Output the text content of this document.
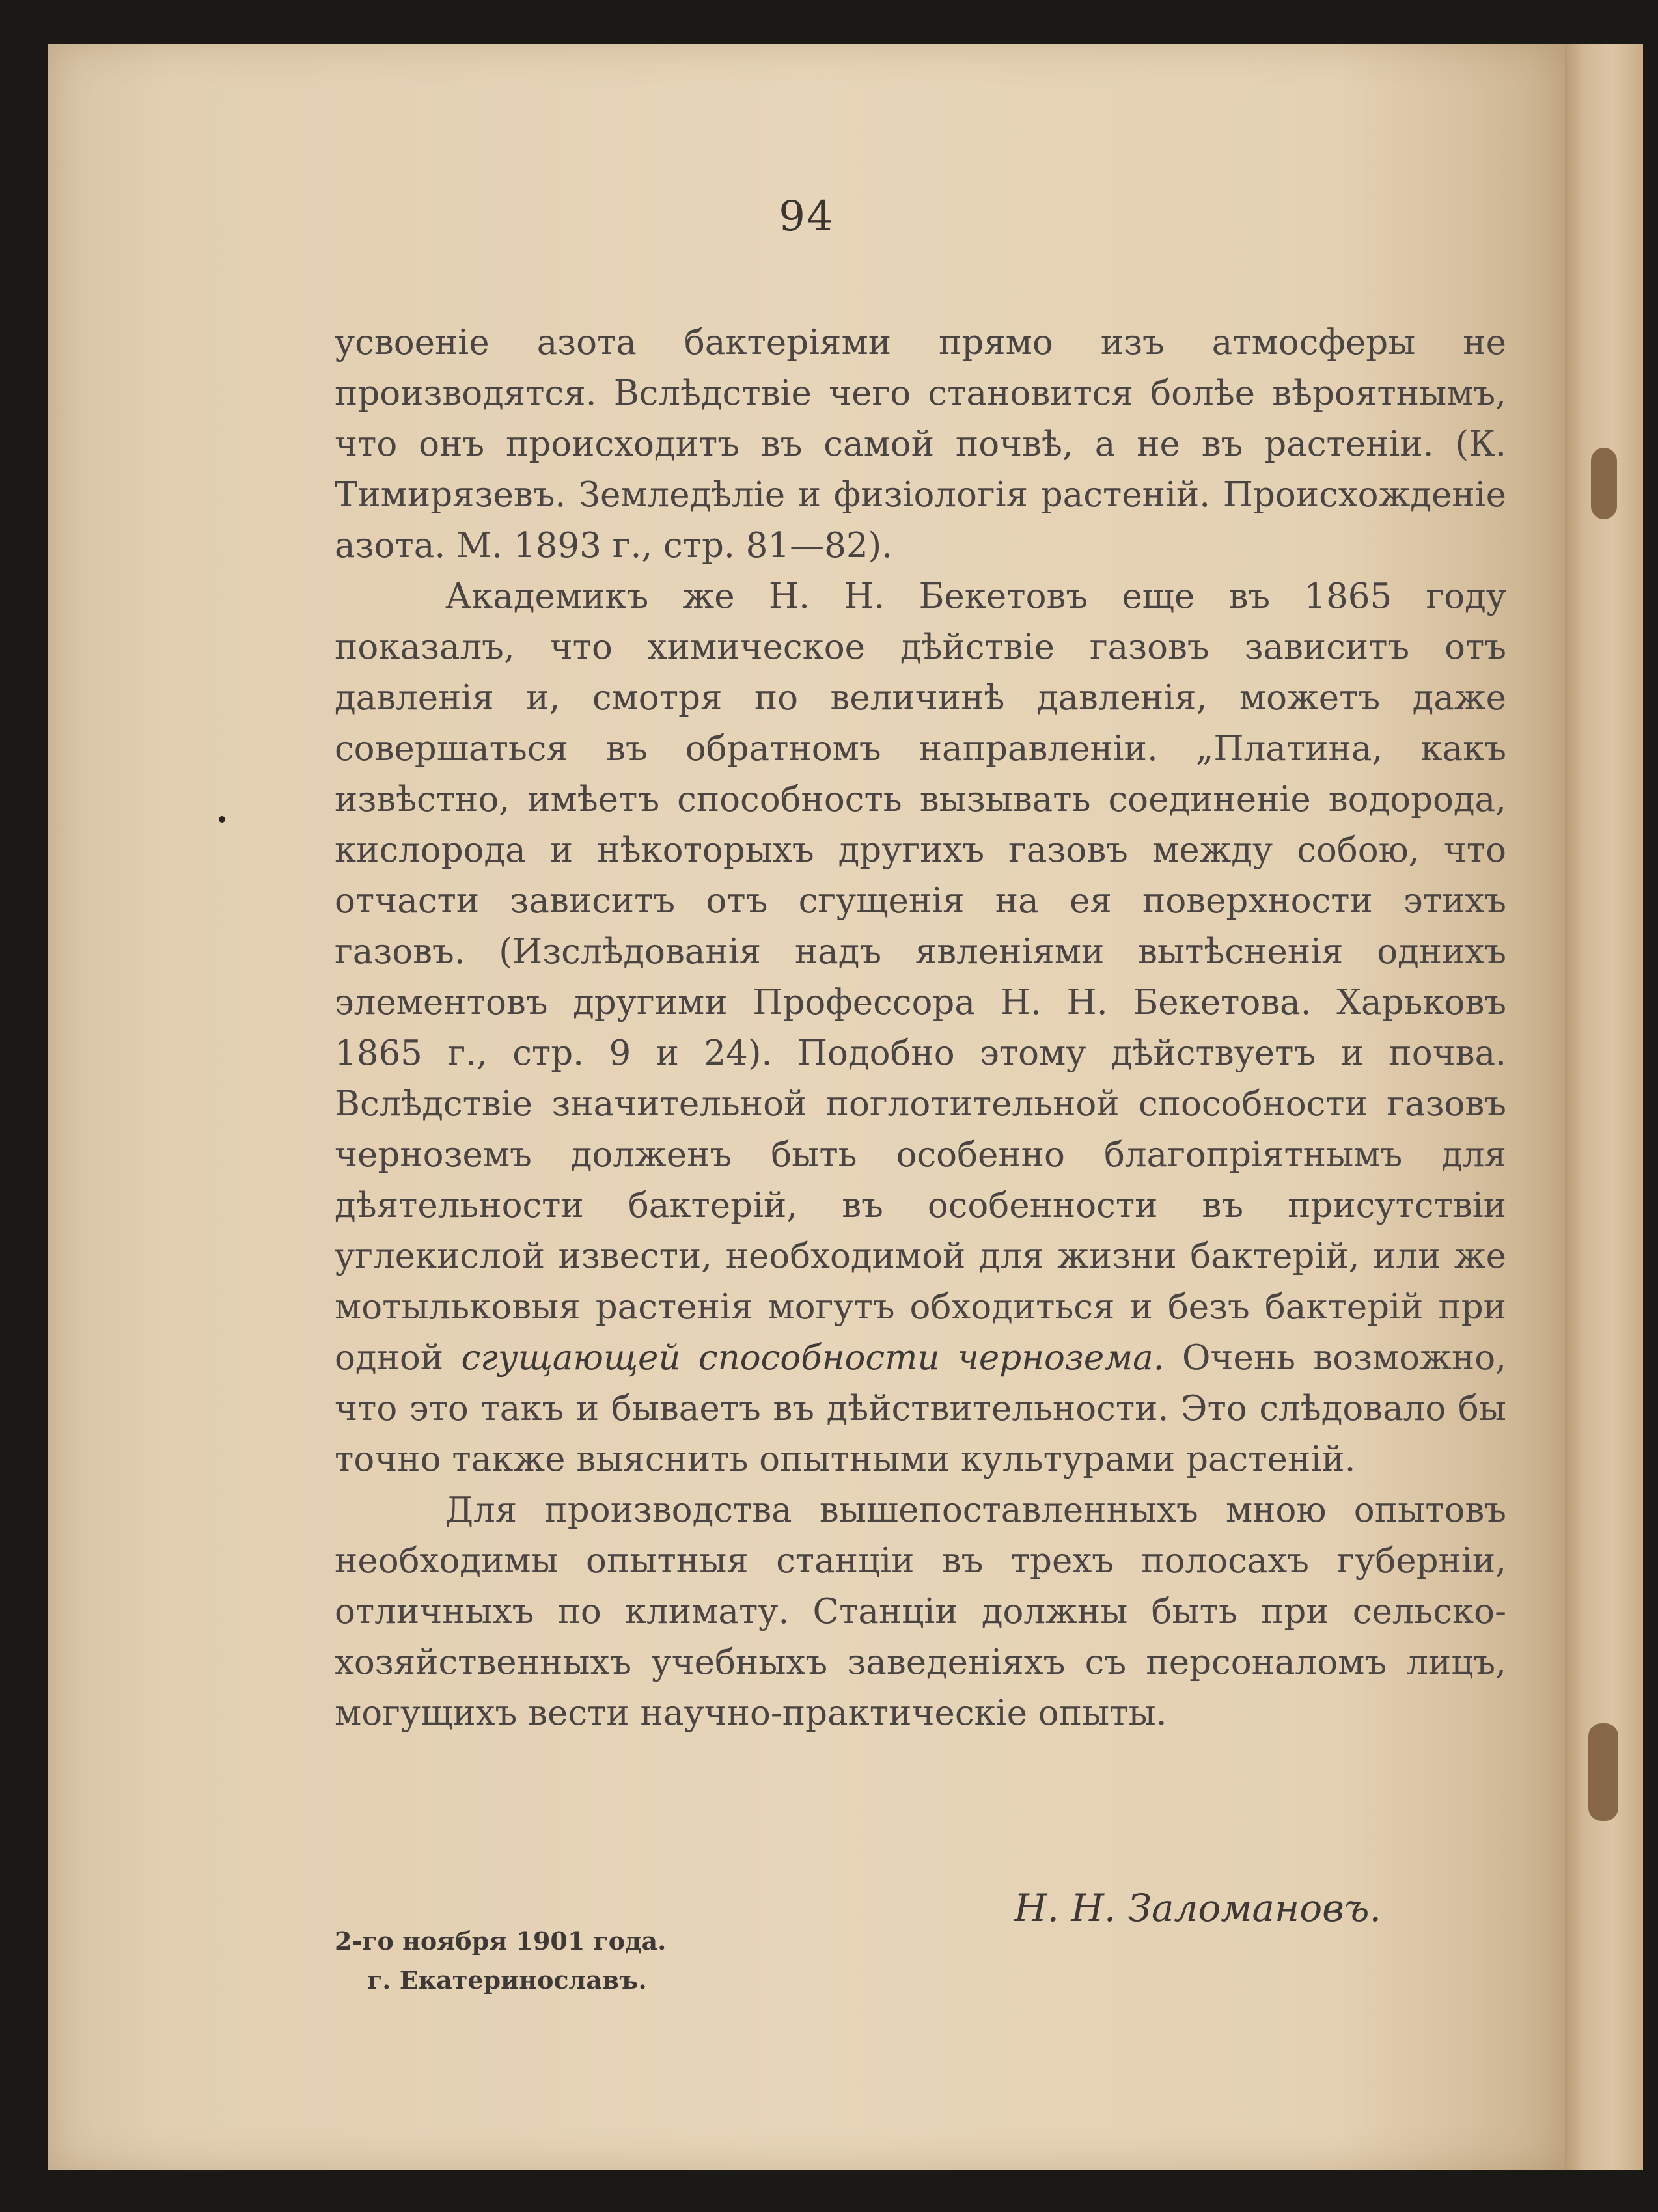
94

усвоеніе азота бактеріями прямо изъ атмосферы не производятся. Вслѣдствіе чего становится болѣе вѣроятнымъ, что онъ происходитъ въ самой почвѣ, а не въ растеніи. (К. Тимирязевъ. Земледѣліе и физіологія растеній. Происхожденіе азота. М. 1893 г., стр. 81—82).

Академикъ же Н. Н. Бекетовъ еще въ 1865 году показалъ, что химическое дѣйствіе газовъ зависитъ отъ давленія и, смотря по величинѣ давленія, можетъ даже совершаться въ обратномъ направленіи. „Платина, какъ извѣстно, имѣетъ способность вызывать соединеніе водорода, кислорода и нѣкоторыхъ другихъ газовъ между собою, что отчасти зависитъ отъ сгущенія на ея поверхности этихъ газовъ. (Изслѣдованія надъ явленіями вытѣсненія однихъ элементовъ другими Профессора Н. Н. Бекетова. Харьковъ 1865 г., стр. 9 и 24). Подобно этому дѣйствуетъ и почва. Вслѣдствіе значительной поглотительной способности газовъ черноземъ долженъ быть особенно благопріятнымъ для дѣятельности бактерій, въ особенности въ присутствіи углекислой извести, необходимой для жизни бактерій, или же мотыльковыя растенія могутъ обходиться и безъ бактерій при одной сгущающей способности чернозема. Очень возможно, что это такъ и бываетъ въ дѣйствительности. Это слѣдовало бы точно также выяснить опытными культурами растеній.

Для производства вышепоставленныхъ мною опытовъ необходимы опытныя станціи въ трехъ полосахъ губерніи, отличныхъ по климату. Станціи должны быть при сельско-хозяйственныхъ учебныхъ заведеніяхъ съ персоналомъ лицъ, могущихъ вести научно-практическіе опыты.

Н. Н. Заломановъ.
2-го ноября 1901 года.
г. Екатеринославъ.
